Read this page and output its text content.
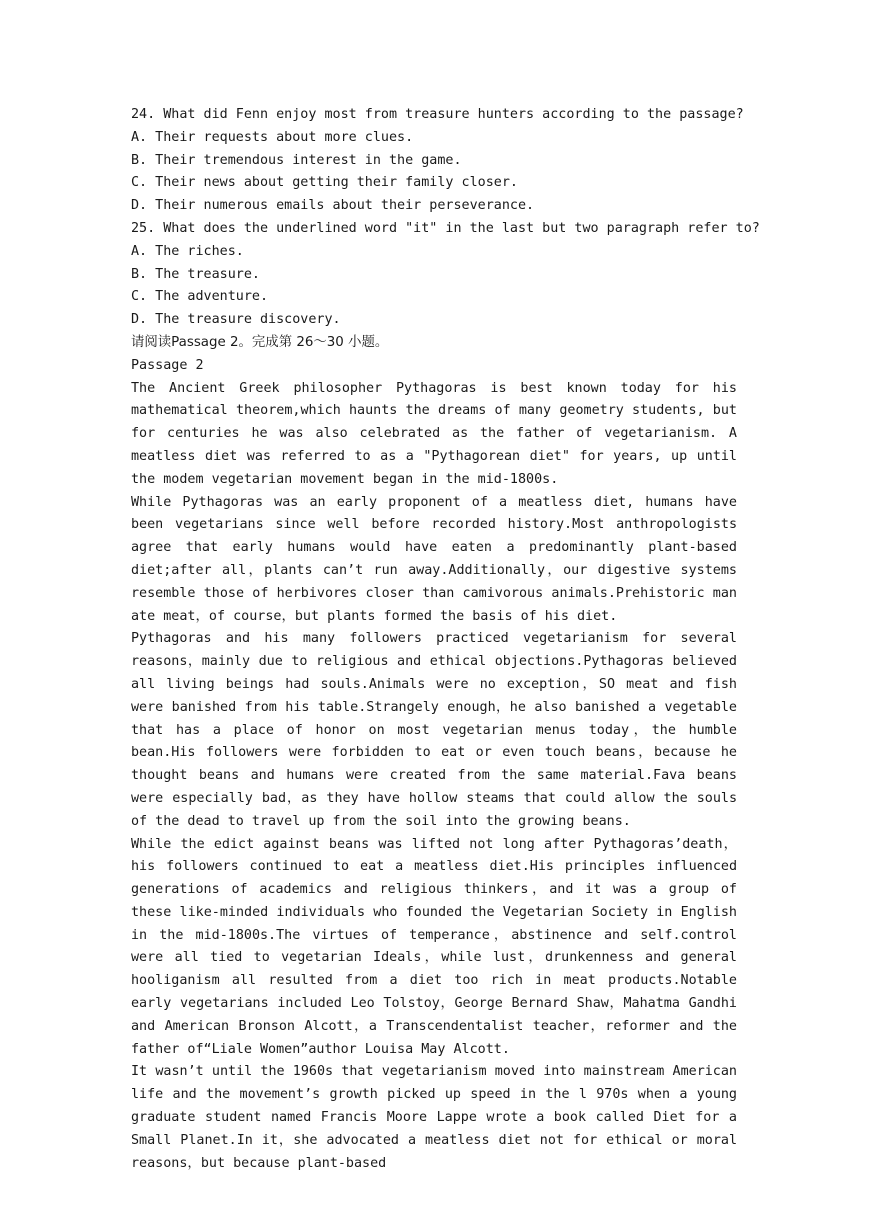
24. What did Fenn enjoy most from treasure hunters according to the passage?
A. Their requests about more clues.
B. Their tremendous interest in the game.
C. Their news about getting their family closer.
D. Their numerous emails about their perseverance.
25. What does the underlined word "it" in the last but two paragraph refer to?
A. The riches.
B. The treasure.
C. The adventure.
D. The treasure discovery.
请阅读Passage 2。完成第 26～30 小题。
Passage 2
The Ancient Greek philosopher Pythagoras is best known today for his mathematical theorem,which haunts the dreams of many geometry students, but for centuries he was also celebrated as the father of vegetarianism. A meatless diet was referred to as a "Pythagorean diet" for years, up until the modem vegetarian movement began in the mid-1800s.
While Pythagoras was an early proponent of a meatless diet, humans have been vegetarians since well before recorded history.Most anthropologists agree that early humans would have eaten a predominantly plant-based diet;after all，plants can’t run away.Additionally，our digestive systems resemble those of herbivores closer than camivorous animals.Prehistoric man ate meat，of course，but plants formed the basis of his diet.
Pythagoras and his many followers practiced vegetarianism for several reasons，mainly due to religious and ethical objections.Pythagoras believed all living beings had souls.Animals were no exception，SO meat and fish were banished from his table.Strangely enough，he also banished a vegetable that has a place of honor on most vegetarian menus today，the humble bean.His followers were forbidden to eat or even touch beans，because he thought beans and humans were created from the same material.Fava beans were especially bad，as they have hollow steams that could allow the souls of the dead to travel up from the soil into the growing beans.
While the edict against beans was lifted not long after Pythagoras’death，his followers continued to eat a meatless diet.His principles influenced generations of academics and religious thinkers，and it was a group of these like-minded individuals who founded the Vegetarian Society in English in the mid-1800s.The virtues of temperance，abstinence and self.control were all tied to vegetarian Ideals，while lust，drunkenness and general hooliganism all resulted from a diet too rich in meat products.Notable early vegetarians included Leo Tolstoy，George Bernard Shaw，Mahatma Gandhi and American Bronson Alcott，a Transcendentalist teacher，reformer and the father of“Liale Women”author Louisa May Alcott.
It wasn’t until the 1960s that vegetarianism moved into mainstream American life and the movement’s growth picked up speed in the l 970s when a young graduate student named Francis Moore Lappe wrote a book called Diet for a Small Planet.In it，she advocated a meatless diet not for ethical or moral reasons，but because plant-based
